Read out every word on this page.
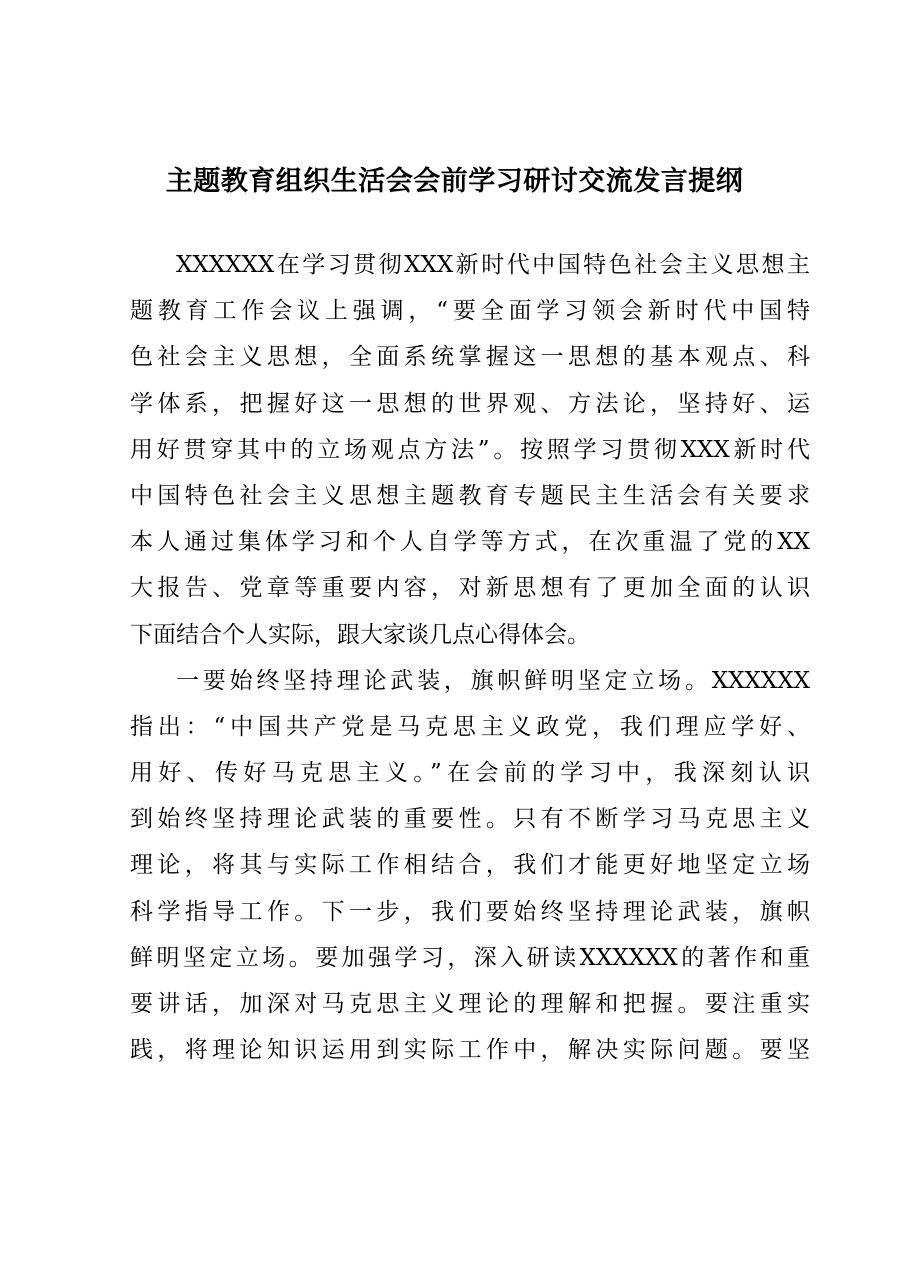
主题教育组织生活会会前学习研讨交流发言提纲

XXXXXX在学习贯彻XXX新时代中国特色社会主义思想主
题教育工作会议上强调，“要全面学习领会新时代中国特
色社会主义思想，全面系统掌握这一思想的基本观点、科
学体系，把握好这一思想的世界观、方法论，坚持好、运
用好贯穿其中的立场观点方法”。按照学习贯彻XXX新时代
中国特色社会主义思想主题教育专题民主生活会有关要求
本人通过集体学习和个人自学等方式，在次重温了党的XX
大报告、党章等重要内容，对新思想有了更加全面的认识
下面结合个人实际，跟大家谈几点心得体会。

一要始终坚持理论武装，旗帜鲜明坚定立场。XXXXXX
指出：“中国共产党是马克思主义政党，我们理应学好、
用好、传好马克思主义。”在会前的学习中，我深刻认识
到始终坚持理论武装的重要性。只有不断学习马克思主义
理论，将其与实际工作相结合，我们才能更好地坚定立场
科学指导工作。下一步，我们要始终坚持理论武装，旗帜
鲜明坚定立场。要加强学习，深入研读XXXXXX的著作和重
要讲话，加深对马克思主义理论的理解和把握。要注重实
践，将理论知识运用到实际工作中，解决实际问题。要坚
